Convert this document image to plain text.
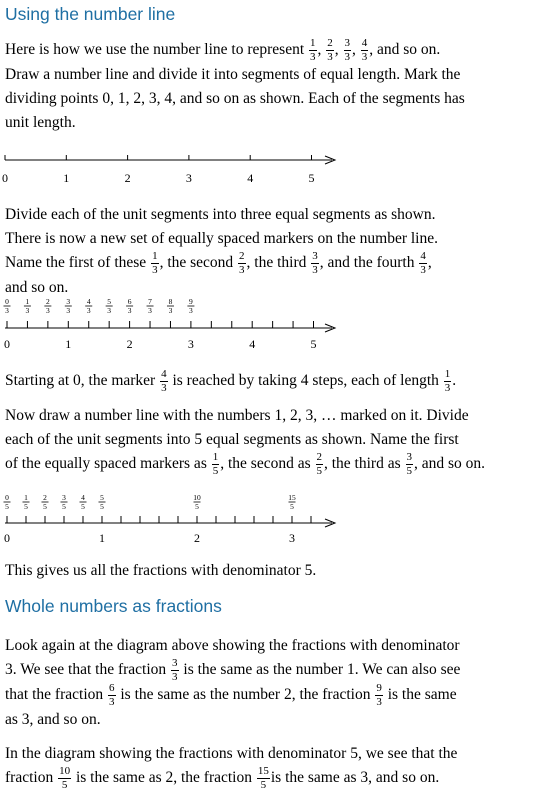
Using the number line
Here is how we use the number line to represent $\frac{1}{3}$ , $\frac{2}{3}$ , $\frac{3}{3}$ , $\frac{4}{3}$ , and so on.
Draw a number line and divide it into segments of equal length. Mark the
dividing points 0, 1, 2, 3, 4, and so on as shown. Each of the segments has
unit length.
0	1	2	3	4	5
Divide each of the unit segments into three equal segments as shown.
There is now a new set of equally spaced markers on the number line.
Name the first of these $\frac{1}{3}$ , the second $\frac{2}{3}$ , the third $\frac{3}{3}$ , and the fourth $\frac{4}{3}$ ,
and so on.
0
3
1
3
2
3
3
3
4
3
5
3
6
3
7
3
8
3
9
3
0	1	2	3	4	5
Starting at 0, the marker $\frac{4}{3}$ is reached by taking 4 steps, each of length $\frac{1}{3}$ .
Now draw a number line with the numbers 1, 2, 3, … marked on it. Divide
each of the unit segments into 5 equal segments as shown. Name the first
of the equally spaced markers as $\frac{1}{5}$ , the second as $\frac{2}{5}$ , the third as $\frac{3}{5}$ , and so on.
0
5
1
5
2
5
3
5
4
5
5
5
10
5
15
5
0	1	2	3
This gives us all the fractions with denominator 5.
Whole numbers as fractions
Look again at the diagram above showing the fractions with denominator
3. We see that the fraction $\frac{3}{3}$ is the same as the number 1. We can also see
that the fraction $\frac{6}{3}$ is the same as the number 2, the fraction $\frac{9}{3}$ is the same
as 3, and so on.
In the diagram showing the fractions with denominator 5, we see that the
fraction $\frac{10}{5}$ is the same as 2, the fraction $\frac{15}{5}$ is the same as 3, and so on.
